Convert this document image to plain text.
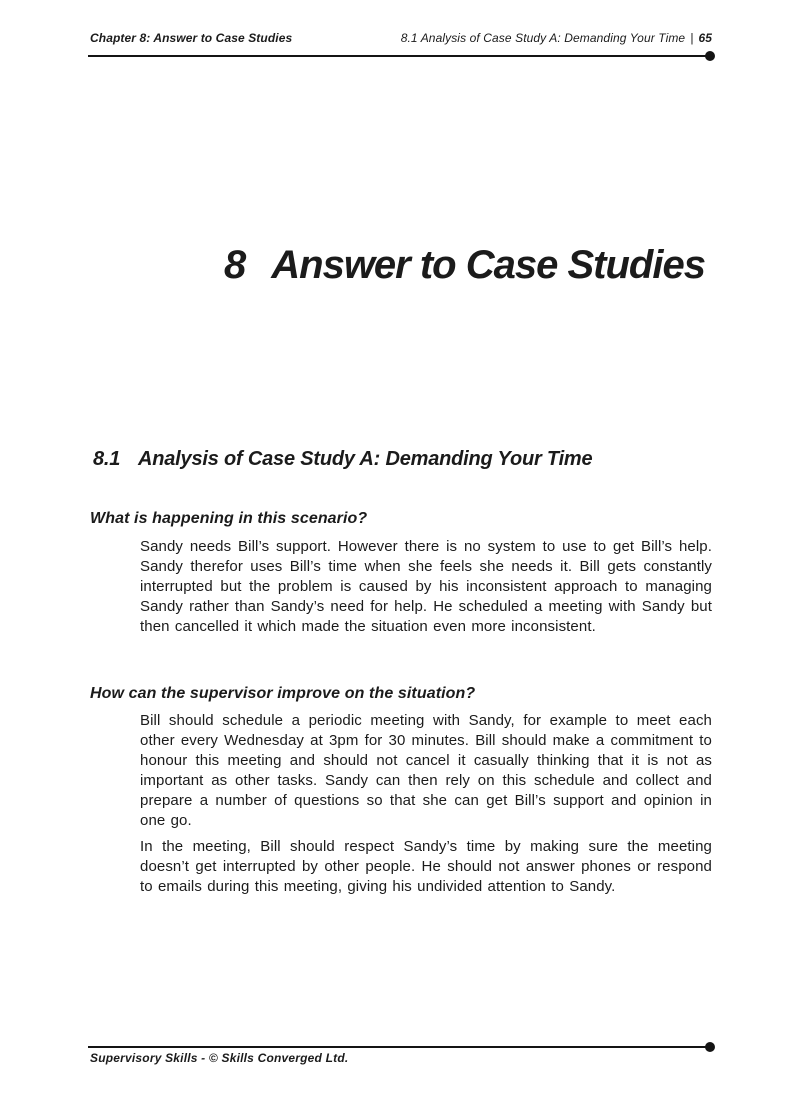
Chapter 8: Answer to Case Studies	8.1 Analysis of Case Study A: Demanding Your Time | 65
8 Answer to Case Studies
8.1 Analysis of Case Study A: Demanding Your Time
What is happening in this scenario?

Sandy needs Bill’s support. However there is no system to use to get Bill’s help. Sandy therefor uses Bill’s time when she feels she needs it. Bill gets constantly interrupted but the problem is caused by his inconsistent approach to managing Sandy rather than Sandy’s need for help. He scheduled a meeting with Sandy but then cancelled it which made the situation even more inconsistent.

How can the supervisor improve on the situation?

Bill should schedule a periodic meeting with Sandy, for example to meet each other every Wednesday at 3pm for 30 minutes. Bill should make a commitment to honour this meeting and should not cancel it casually thinking that it is not as important as other tasks. Sandy can then rely on this schedule and collect and prepare a number of questions so that she can get Bill’s support and opinion in one go.

In the meeting, Bill should respect Sandy’s time by making sure the meeting doesn’t get interrupted by other people. He should not answer phones or respond to emails during this meeting, giving his undivided attention to Sandy.

Supervisory Skills - © Skills Converged Ltd.
